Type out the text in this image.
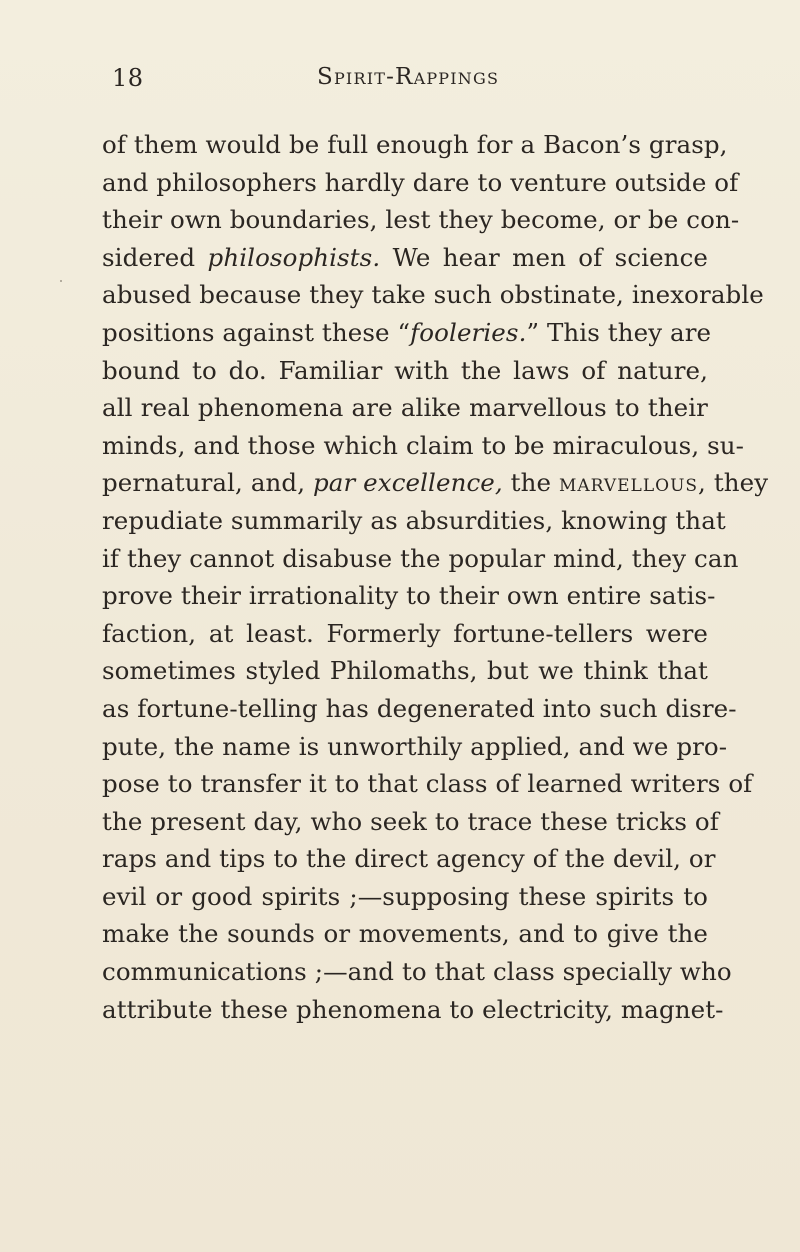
18	Spirit-Rappings
of them would be full enough for a Bacon’s grasp,
and philosophers hardly dare to venture outside of
their own boundaries, lest they become, or be con-
sidered philosophists. We hear men of science
abused because they take such obstinate, inexorable
positions against these “fooleries.” This they are
bound to do. Familiar with the laws of nature,
all real phenomena are alike marvellous to their
minds, and those which claim to be miraculous, su-
pernatural, and, par excellence, the marvellous, they
repudiate summarily as absurdities, knowing that
if they cannot disabuse the popular mind, they can
prove their irrationality to their own entire satis-
faction, at least. Formerly fortune-tellers were
sometimes styled Philomaths, but we think that
as fortune-telling has degenerated into such disre-
pute, the name is unworthily applied, and we pro-
pose to transfer it to that class of learned writers of
the present day, who seek to trace these tricks of
raps and tips to the direct agency of the devil, or
evil or good spirits ;—supposing these spirits to
make the sounds or movements, and to give the
communications ;—and to that class specially who
attribute these phenomena to electricity, magnet-
